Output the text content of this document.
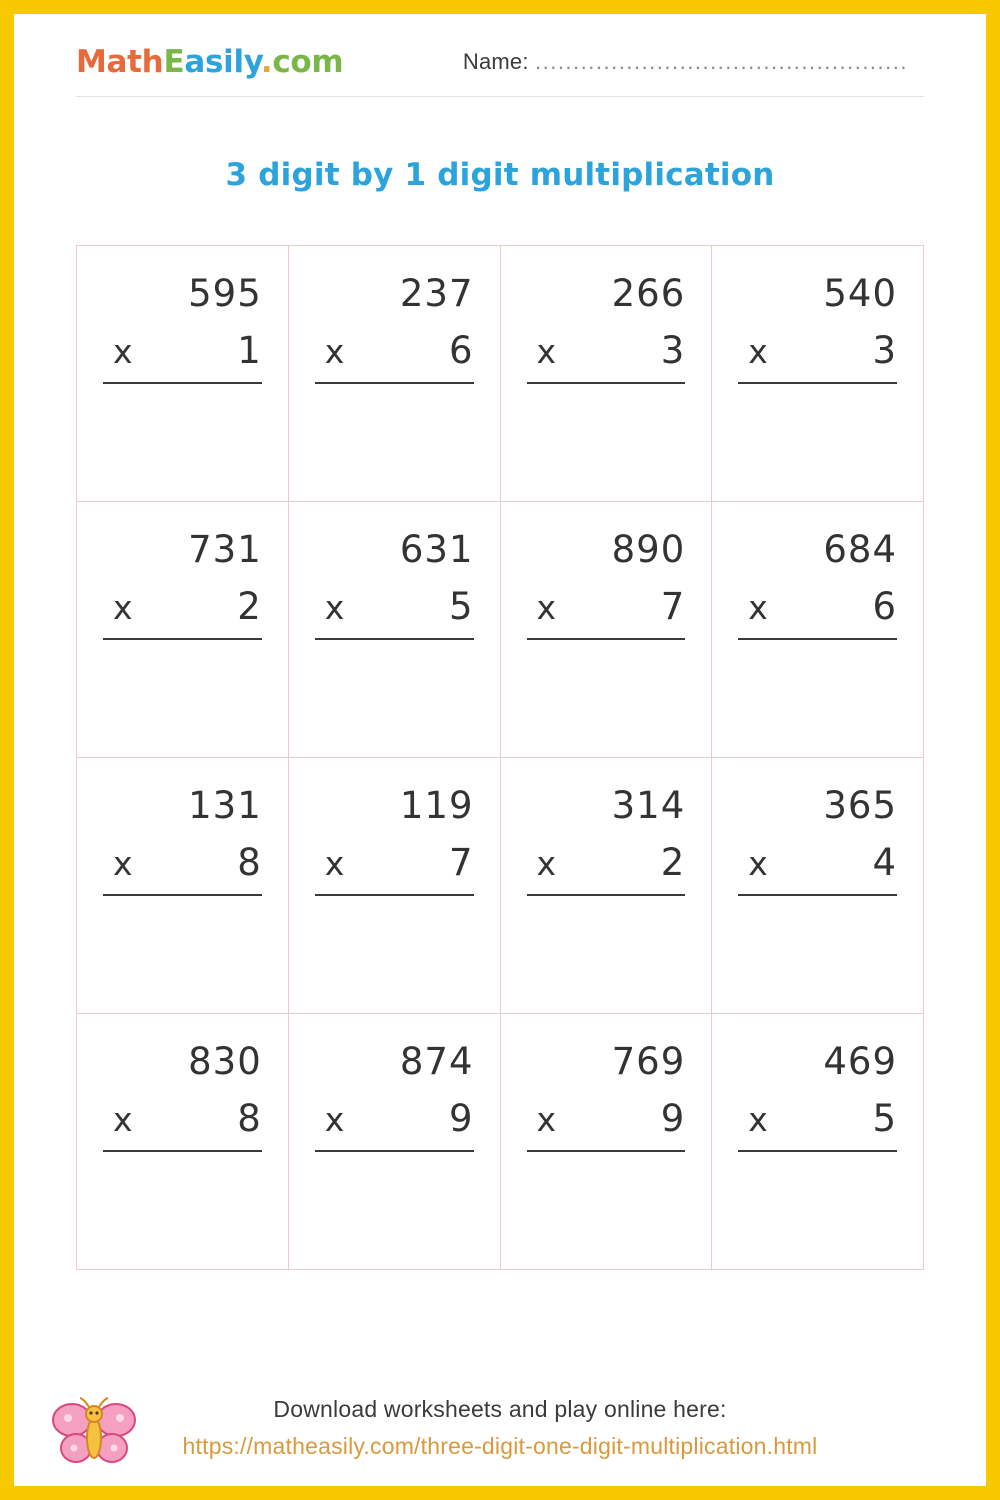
MathEasily.com	Name: .................................................
3 digit by 1 digit multiplication
595
x	1
237
x	6
266
x	3
540
x	3
731
x	2
631
x	5
890
x	7
684
x	6
131
x	8
119
x	7
314
x	2
365
x	4
830
x	8
874
x	9
769
x	9
469
x	5
Download worksheets and play online here:
https://matheasily.com/three-digit-one-digit-multiplication.html
